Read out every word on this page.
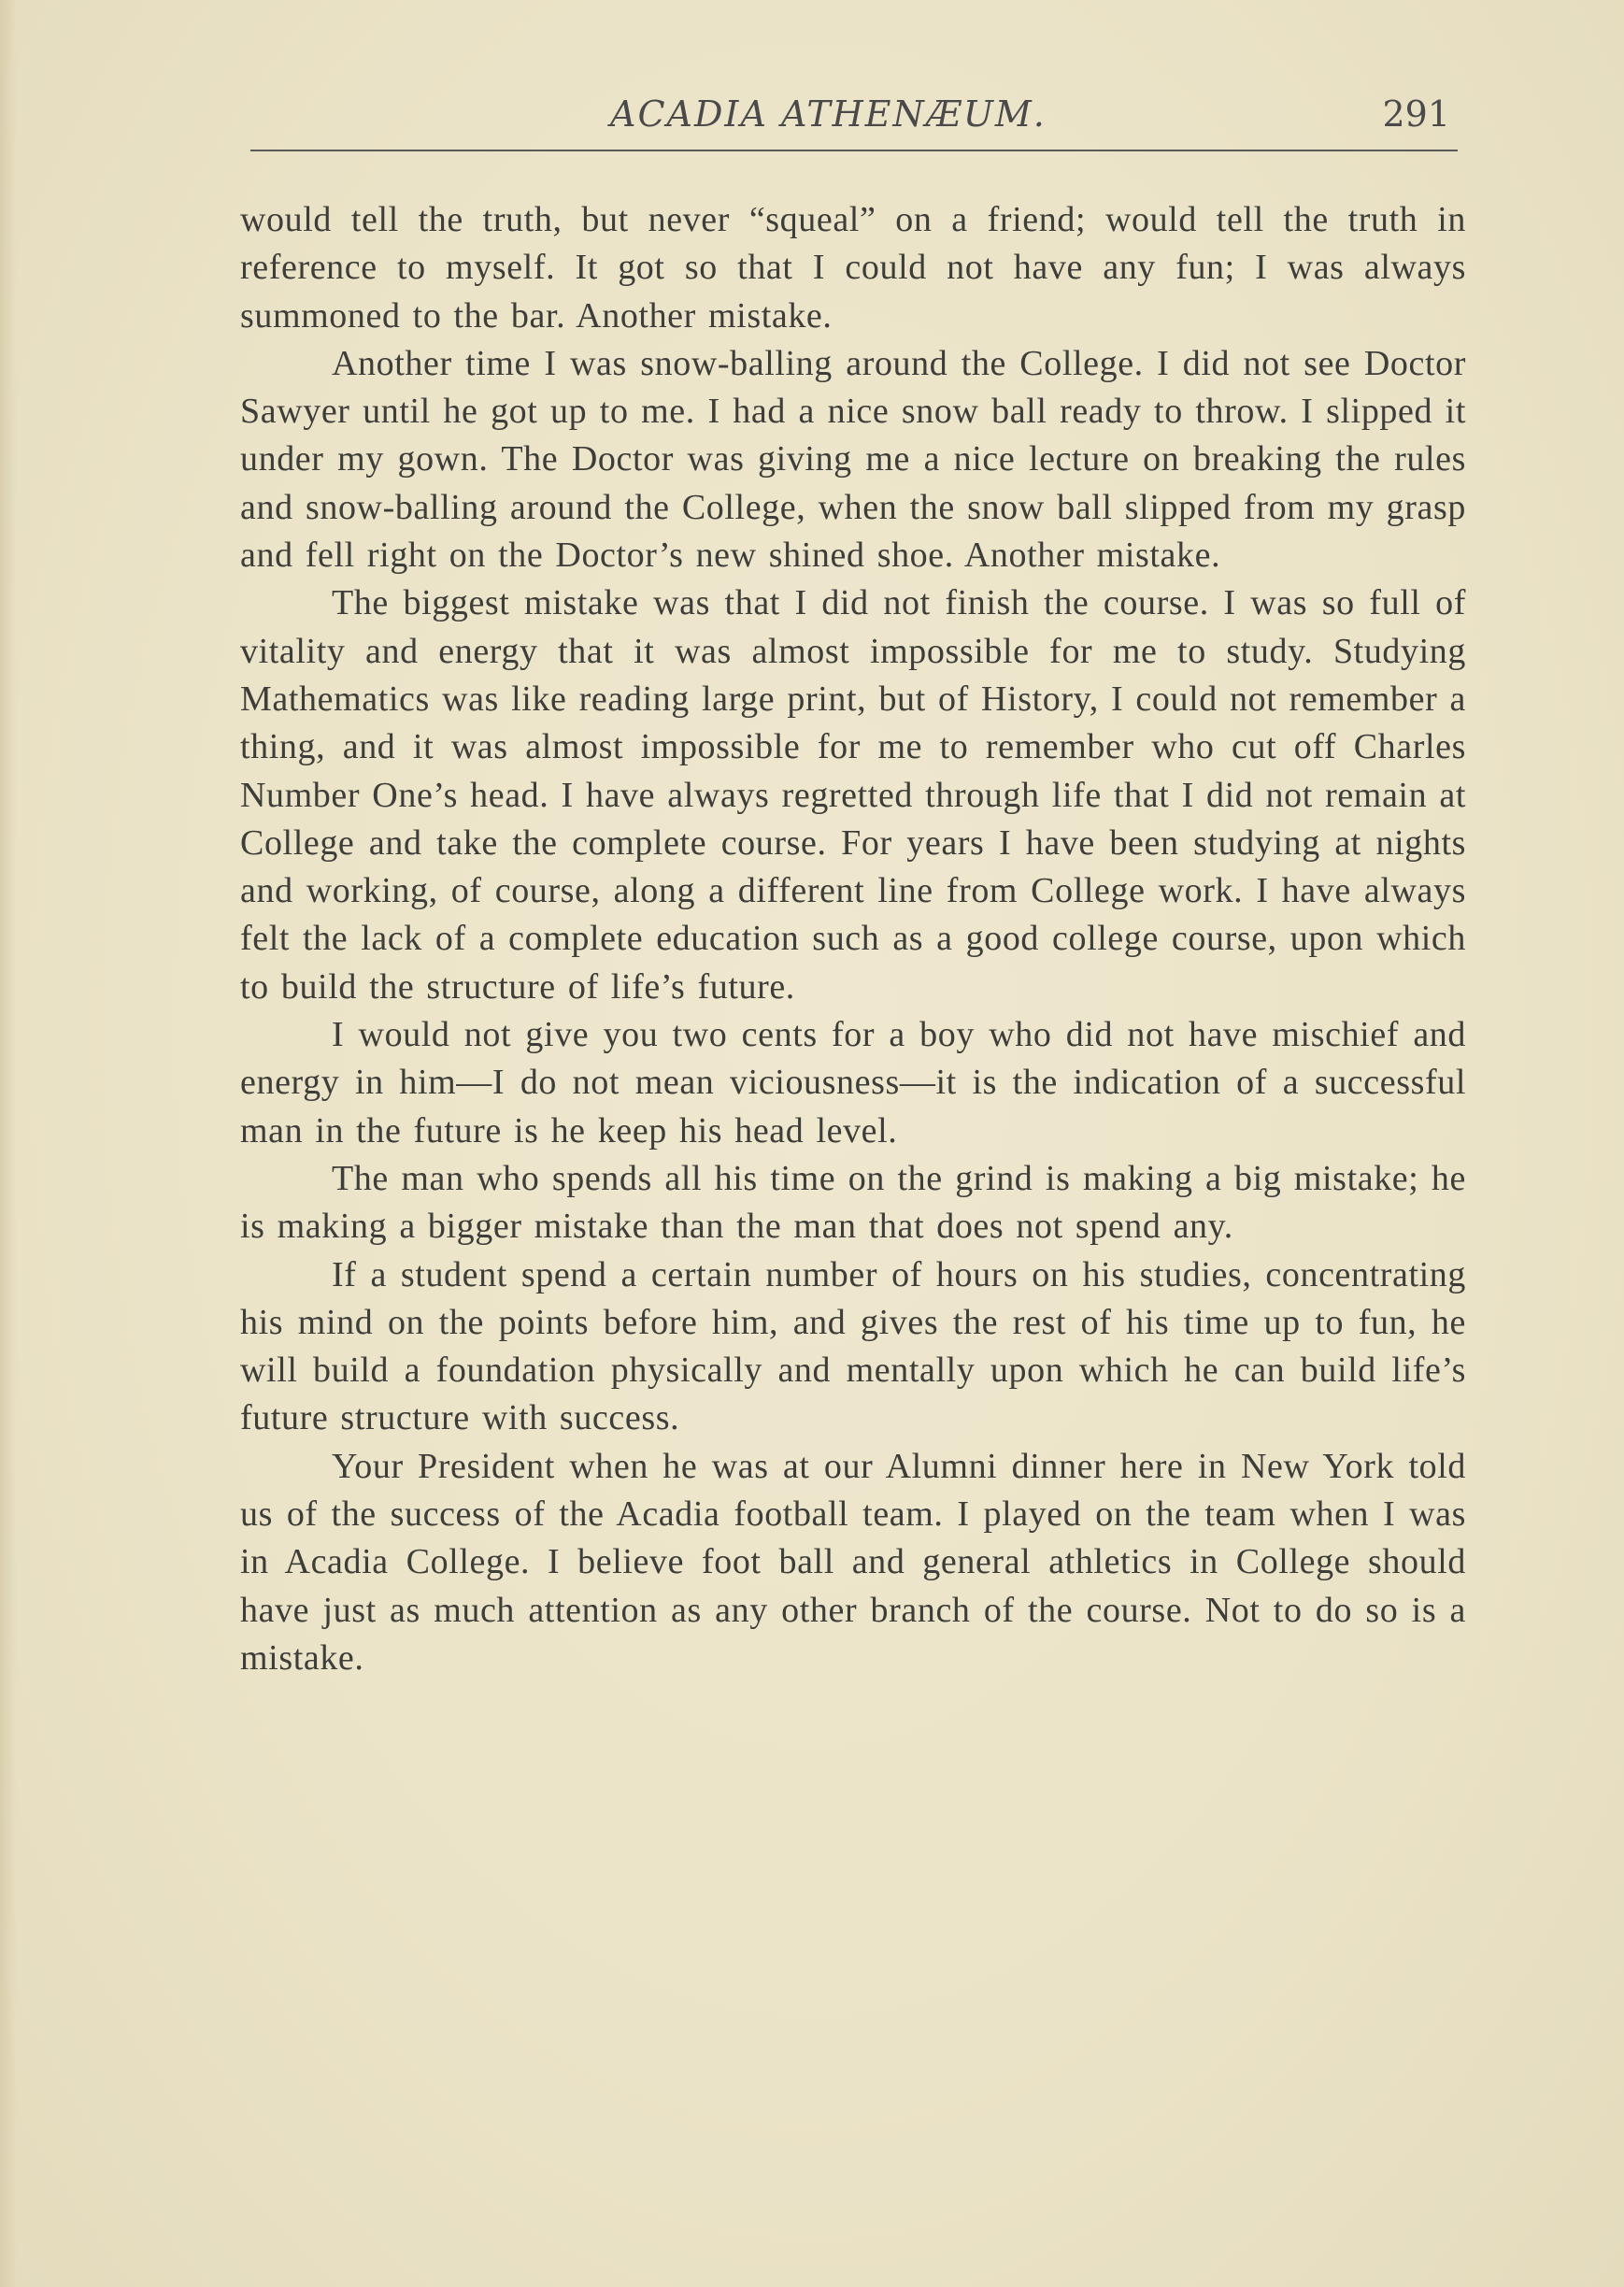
ACADIA ATHENÆUM.	291

would tell the truth, but never “squeal” on a friend; would tell the truth in reference to myself. It got so that I could not have any fun; I was always summoned to the bar. Another mistake.

Another time I was snow-balling around the College. I did not see Doctor Sawyer until he got up to me. I had a nice snow ball ready to throw. I slipped it under my gown. The Doctor was giving me a nice lecture on breaking the rules and snow-balling around the College, when the snow ball slipped from my grasp and fell right on the Doctor’s new shined shoe. Another mistake.

The biggest mistake was that I did not finish the course. I was so full of vitality and energy that it was almost impossible for me to study. Studying Mathematics was like reading large print, but of History, I could not remember a thing, and it was almost impossible for me to remember who cut off Charles Number One’s head. I have always regretted through life that I did not remain at College and take the complete course. For years I have been studying at nights and working, of course, along a different line from College work. I have always felt the lack of a complete education such as a good college course, upon which to build the structure of life’s future.

I would not give you two cents for a boy who did not have mischief and energy in him—I do not mean viciousness—it is the indication of a successful man in the future is he keep his head level.

The man who spends all his time on the grind is making a big mistake; he is making a bigger mistake than the man that does not spend any.

If a student spend a certain number of hours on his studies, concentrating his mind on the points before him, and gives the rest of his time up to fun, he will build a foundation physically and mentally upon which he can build life’s future structure with success.

Your President when he was at our Alumni dinner here in New York told us of the success of the Acadia football team. I played on the team when I was in Acadia College. I believe foot ball and general athletics in College should have just as much attention as any other branch of the course. Not to do so is a mistake.
